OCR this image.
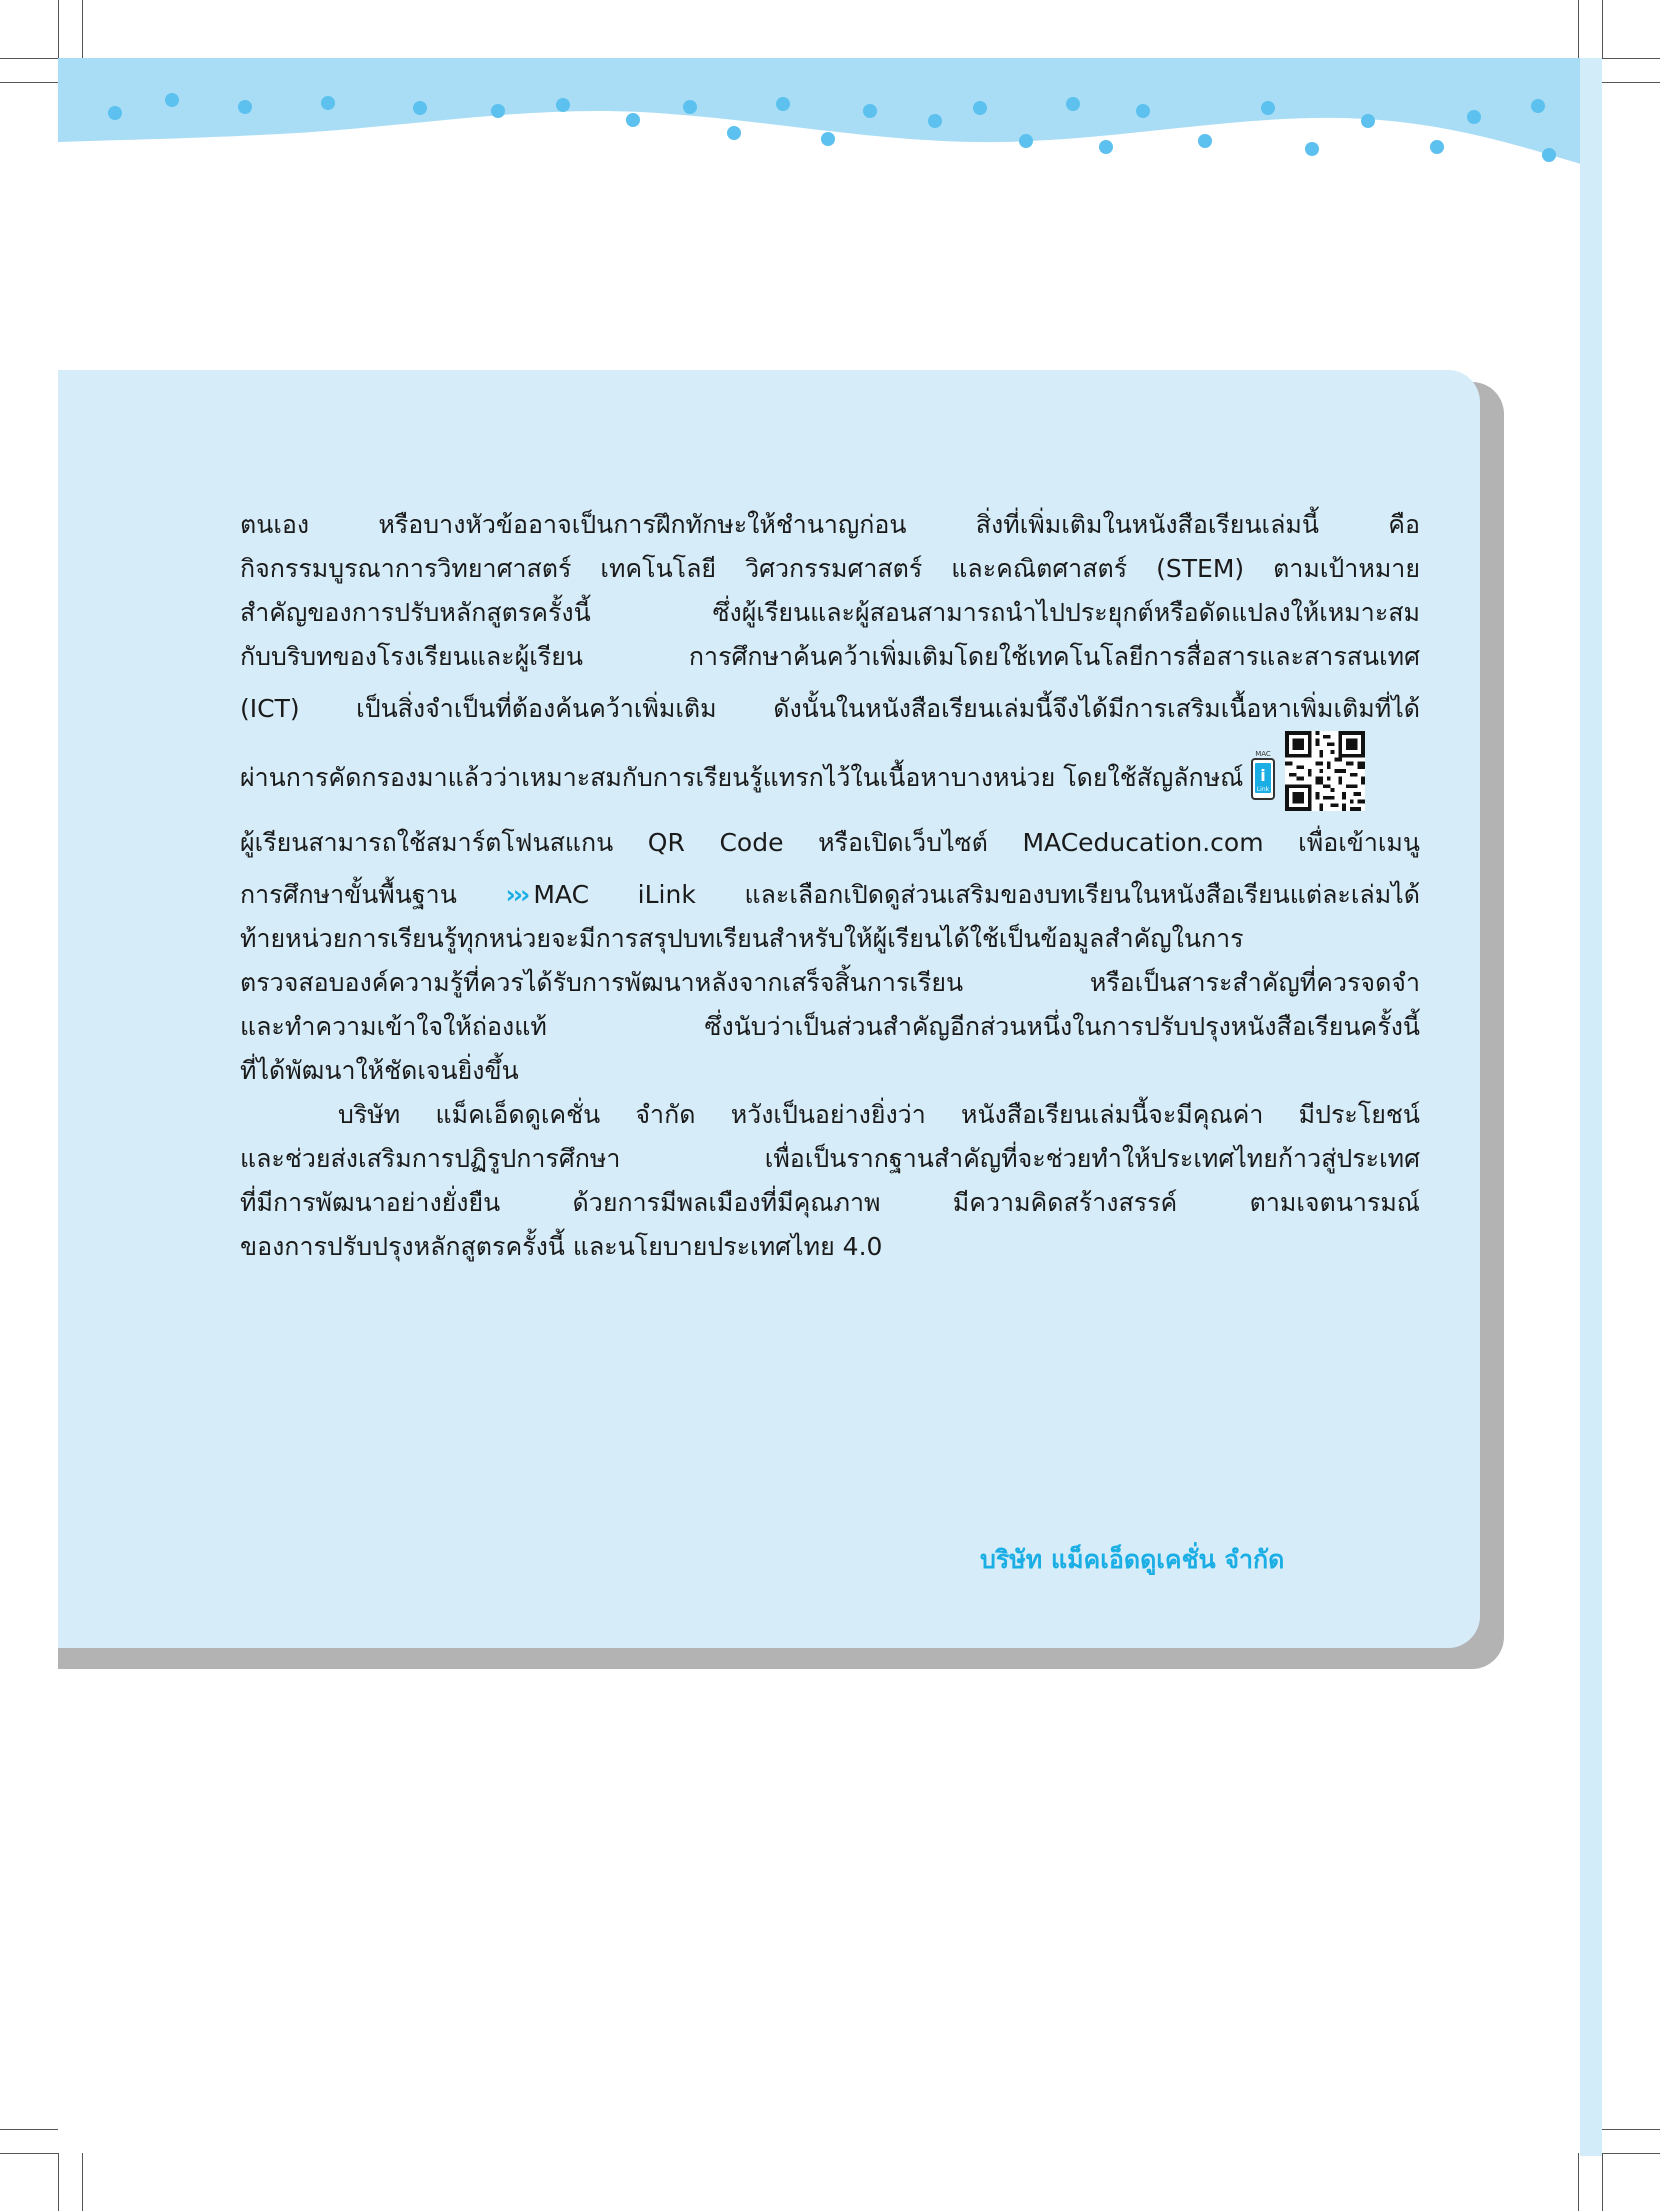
ตนเอง หรือบางหัวข้ออาจเป็นการฝึกทักษะให้ชำนาญก่อน สิ่งที่เพิ่มเติมในหนังสือเรียนเล่มนี้ คือ
กิจกรรมบูรณาการวิทยาศาสตร์ เทคโนโลยี วิศวกรรมศาสตร์ และคณิตศาสตร์ (STEM) ตามเป้าหมาย
สำคัญของการปรับหลักสูตรครั้งนี้ ซึ่งผู้เรียนและผู้สอนสามารถนำไปประยุกต์หรือดัดแปลงให้เหมาะสม
กับบริบทของโรงเรียนและผู้เรียน การศึกษาค้นคว้าเพิ่มเติมโดยใช้เทคโนโลยีการสื่อสารและสารสนเทศ
(ICT) เป็นสิ่งจำเป็นที่ต้องค้นคว้าเพิ่มเติม ดังนั้นในหนังสือเรียนเล่มนี้จึงได้มีการเสริมเนื้อหาเพิ่มเติมที่ได้
ผ่านการคัดกรองมาแล้วว่าเหมาะสมกับการเรียนรู้แทรกไว้ในเนื้อหาบางหน่วย โดยใช้สัญลักษณ์
MAC
i
Link
ผู้เรียนสามารถใช้สมาร์ตโฟนสแกน QR Code หรือเปิดเว็บไซต์ MACeducation.com เพื่อเข้าเมนู
การศึกษาขั้นพื้นฐาน ››› MAC iLink และเลือกเปิดดูส่วนเสริมของบทเรียนในหนังสือเรียนแต่ละเล่มได้
ท้ายหน่วยการเรียนรู้ทุกหน่วยจะมีการสรุปบทเรียนสำหรับให้ผู้เรียนได้ใช้เป็นข้อมูลสำคัญในการ
ตรวจสอบองค์ความรู้ที่ควรได้รับการพัฒนาหลังจากเสร็จสิ้นการเรียน หรือเป็นสาระสำคัญที่ควรจดจำ
และทำความเข้าใจให้ถ่องแท้ ซึ่งนับว่าเป็นส่วนสำคัญอีกส่วนหนึ่งในการปรับปรุงหนังสือเรียนครั้งนี้
ที่ได้พัฒนาให้ชัดเจนยิ่งขึ้น
บริษัท แม็คเอ็ดดูเคชั่น จำกัด หวังเป็นอย่างยิ่งว่า หนังสือเรียนเล่มนี้จะมีคุณค่า มีประโยชน์
และช่วยส่งเสริมการปฏิรูปการศึกษา เพื่อเป็นรากฐานสำคัญที่จะช่วยทำให้ประเทศไทยก้าวสู่ประเทศ
ที่มีการพัฒนาอย่างยั่งยืน ด้วยการมีพลเมืองที่มีคุณภาพ มีความคิดสร้างสรรค์ ตามเจตนารมณ์
ของการปรับปรุงหลักสูตรครั้งนี้ และนโยบายประเทศไทย 4.0
บริษัท แม็คเอ็ดดูเคชั่น จำกัด
